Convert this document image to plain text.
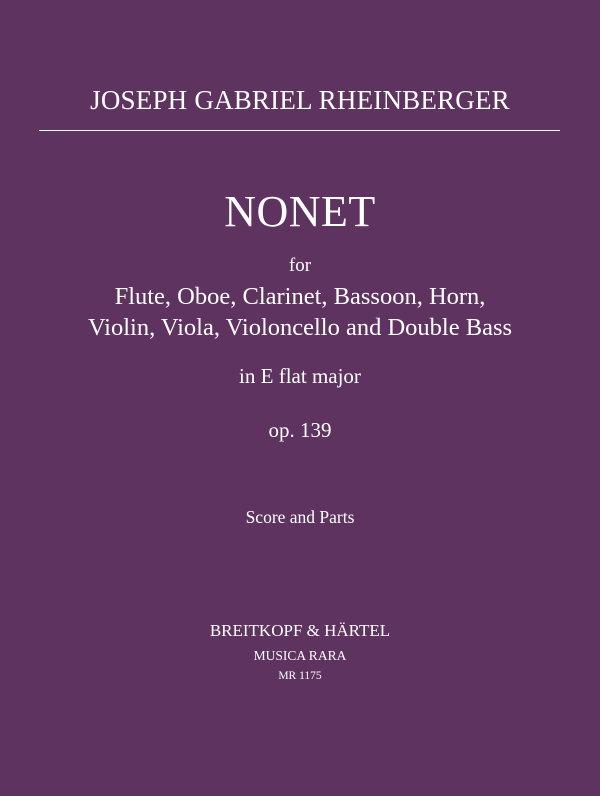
JOSEPH GABRIEL RHEINBERGER
NONET
for
Flute, Oboe, Clarinet, Bassoon, Horn,
Violin, Viola, Violoncello and Double Bass
in E flat major
op. 139
Score and Parts
BREITKOPF & HÄRTEL
MUSICA RARA
MR 1175
